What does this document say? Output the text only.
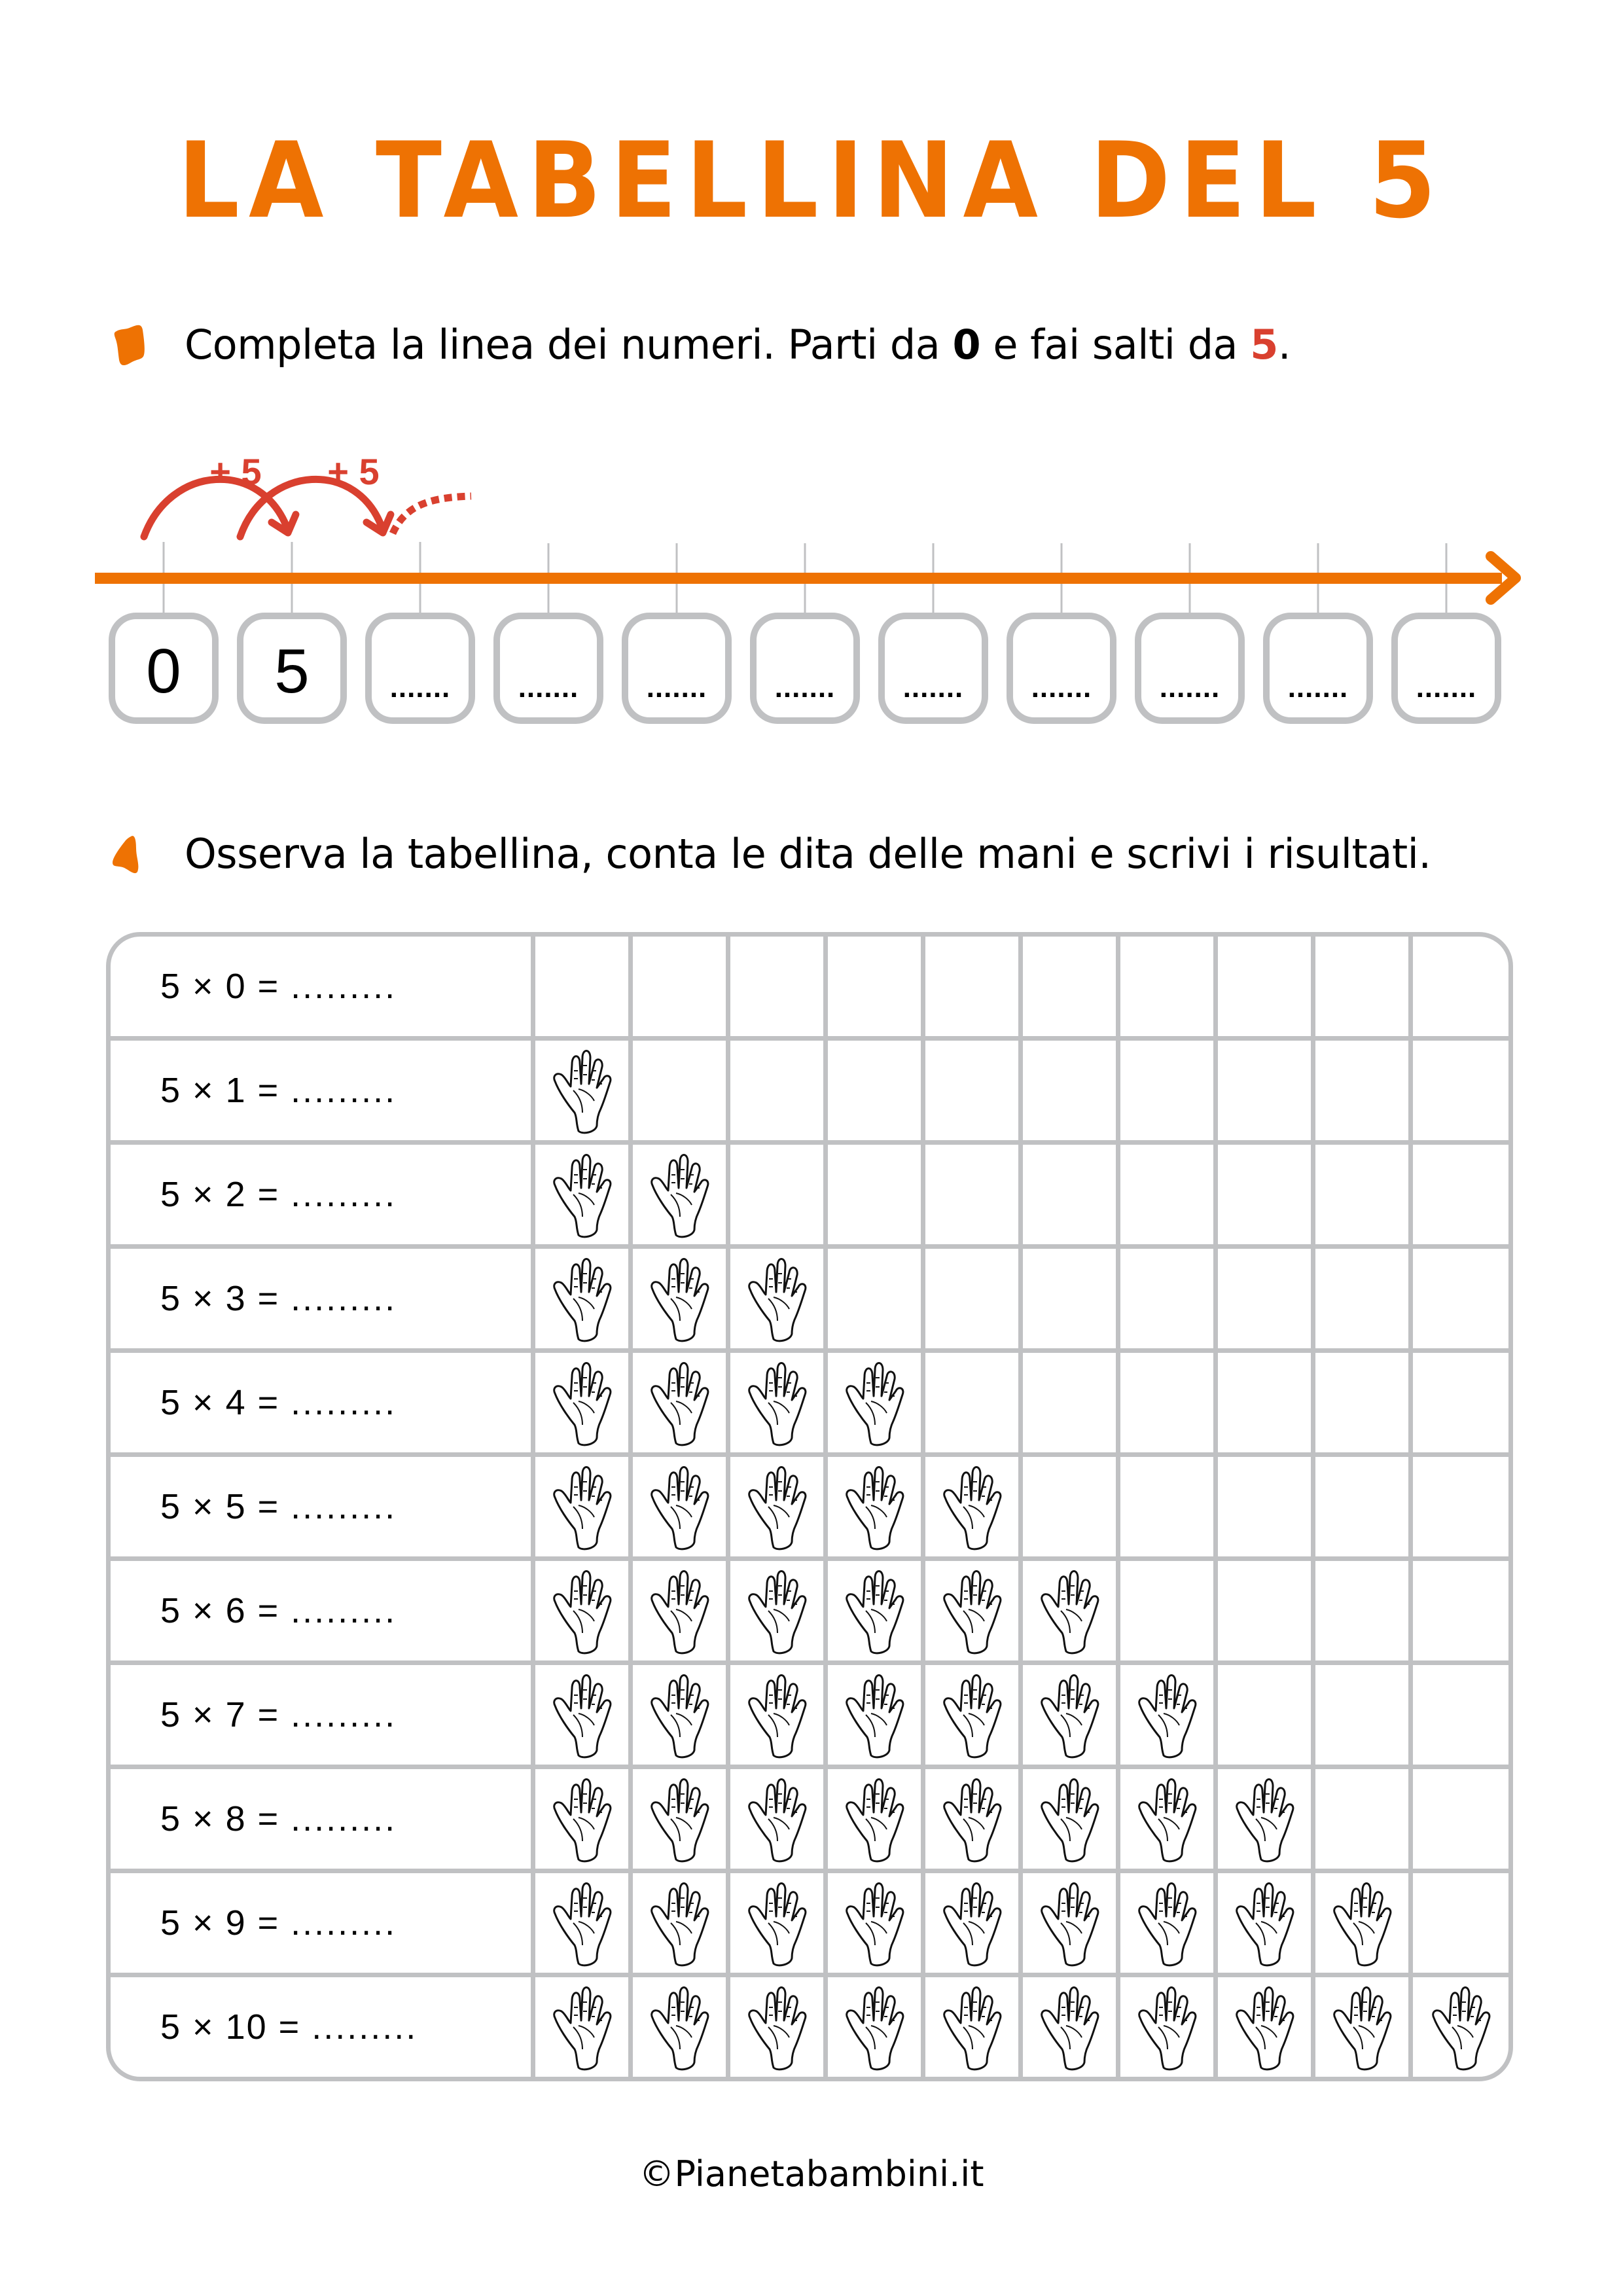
LA TABELLINA DEL 5
Completa la linea dei numeri. Parti da 0 e fai salti da 5.
+ 5 + 5
0 5	....... ....... ....... ....... ....... ....... ....... ....... .......
Osserva la tabellina, conta le dita delle mani e scrivi i risultati.
5 × 0 = .........										
5 × 1 = .........	

5 × 2 = .........	

5 × 3 = .........	

5 × 4 = .........	

5 × 5 = .........	

5 × 6 = .........	

5 × 7 = .........	

5 × 8 = .........	

5 × 9 = .........	

5 × 10 = .........	

©Pianetabambini.it
